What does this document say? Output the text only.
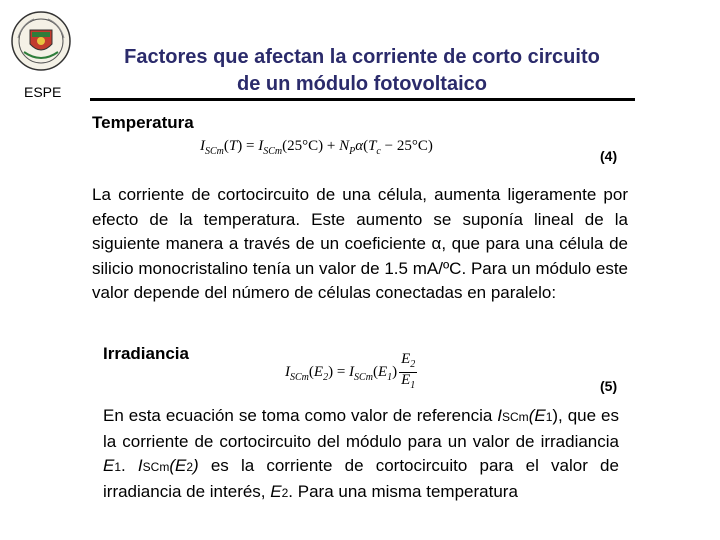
ESPE
Factores que afectan la corriente de corto circuito de un módulo fotovoltaico
Temperatura
$I_{SCm}(T) = I_{SCm}(25^\circ C) + N_P\alpha(T_c - 25^\circ C)$
(4)
La corriente de cortocircuito de una célula, aumenta ligeramente por efecto de la temperatura. Este aumento se suponía lineal de la siguiente manera a través de un coeficiente α, que para una célula de silicio monocristalino tenía un valor de 1.5 mA/ºC. Para un módulo este valor depende del número de células conectadas en paralelo:
Irradiancia
$I_{SCm}(E_2) = I_{SCm}(E_1) \frac{E_2}{E_1}$	(5)
En esta ecuación se toma como valor de referencia ISCm(E1), que es la corriente de cortocircuito del módulo para un valor de irradiancia E1. ISCm(E2) es la corriente de cortocircuito para el valor de irradiancia de interés, E2. Para una misma temperatura
